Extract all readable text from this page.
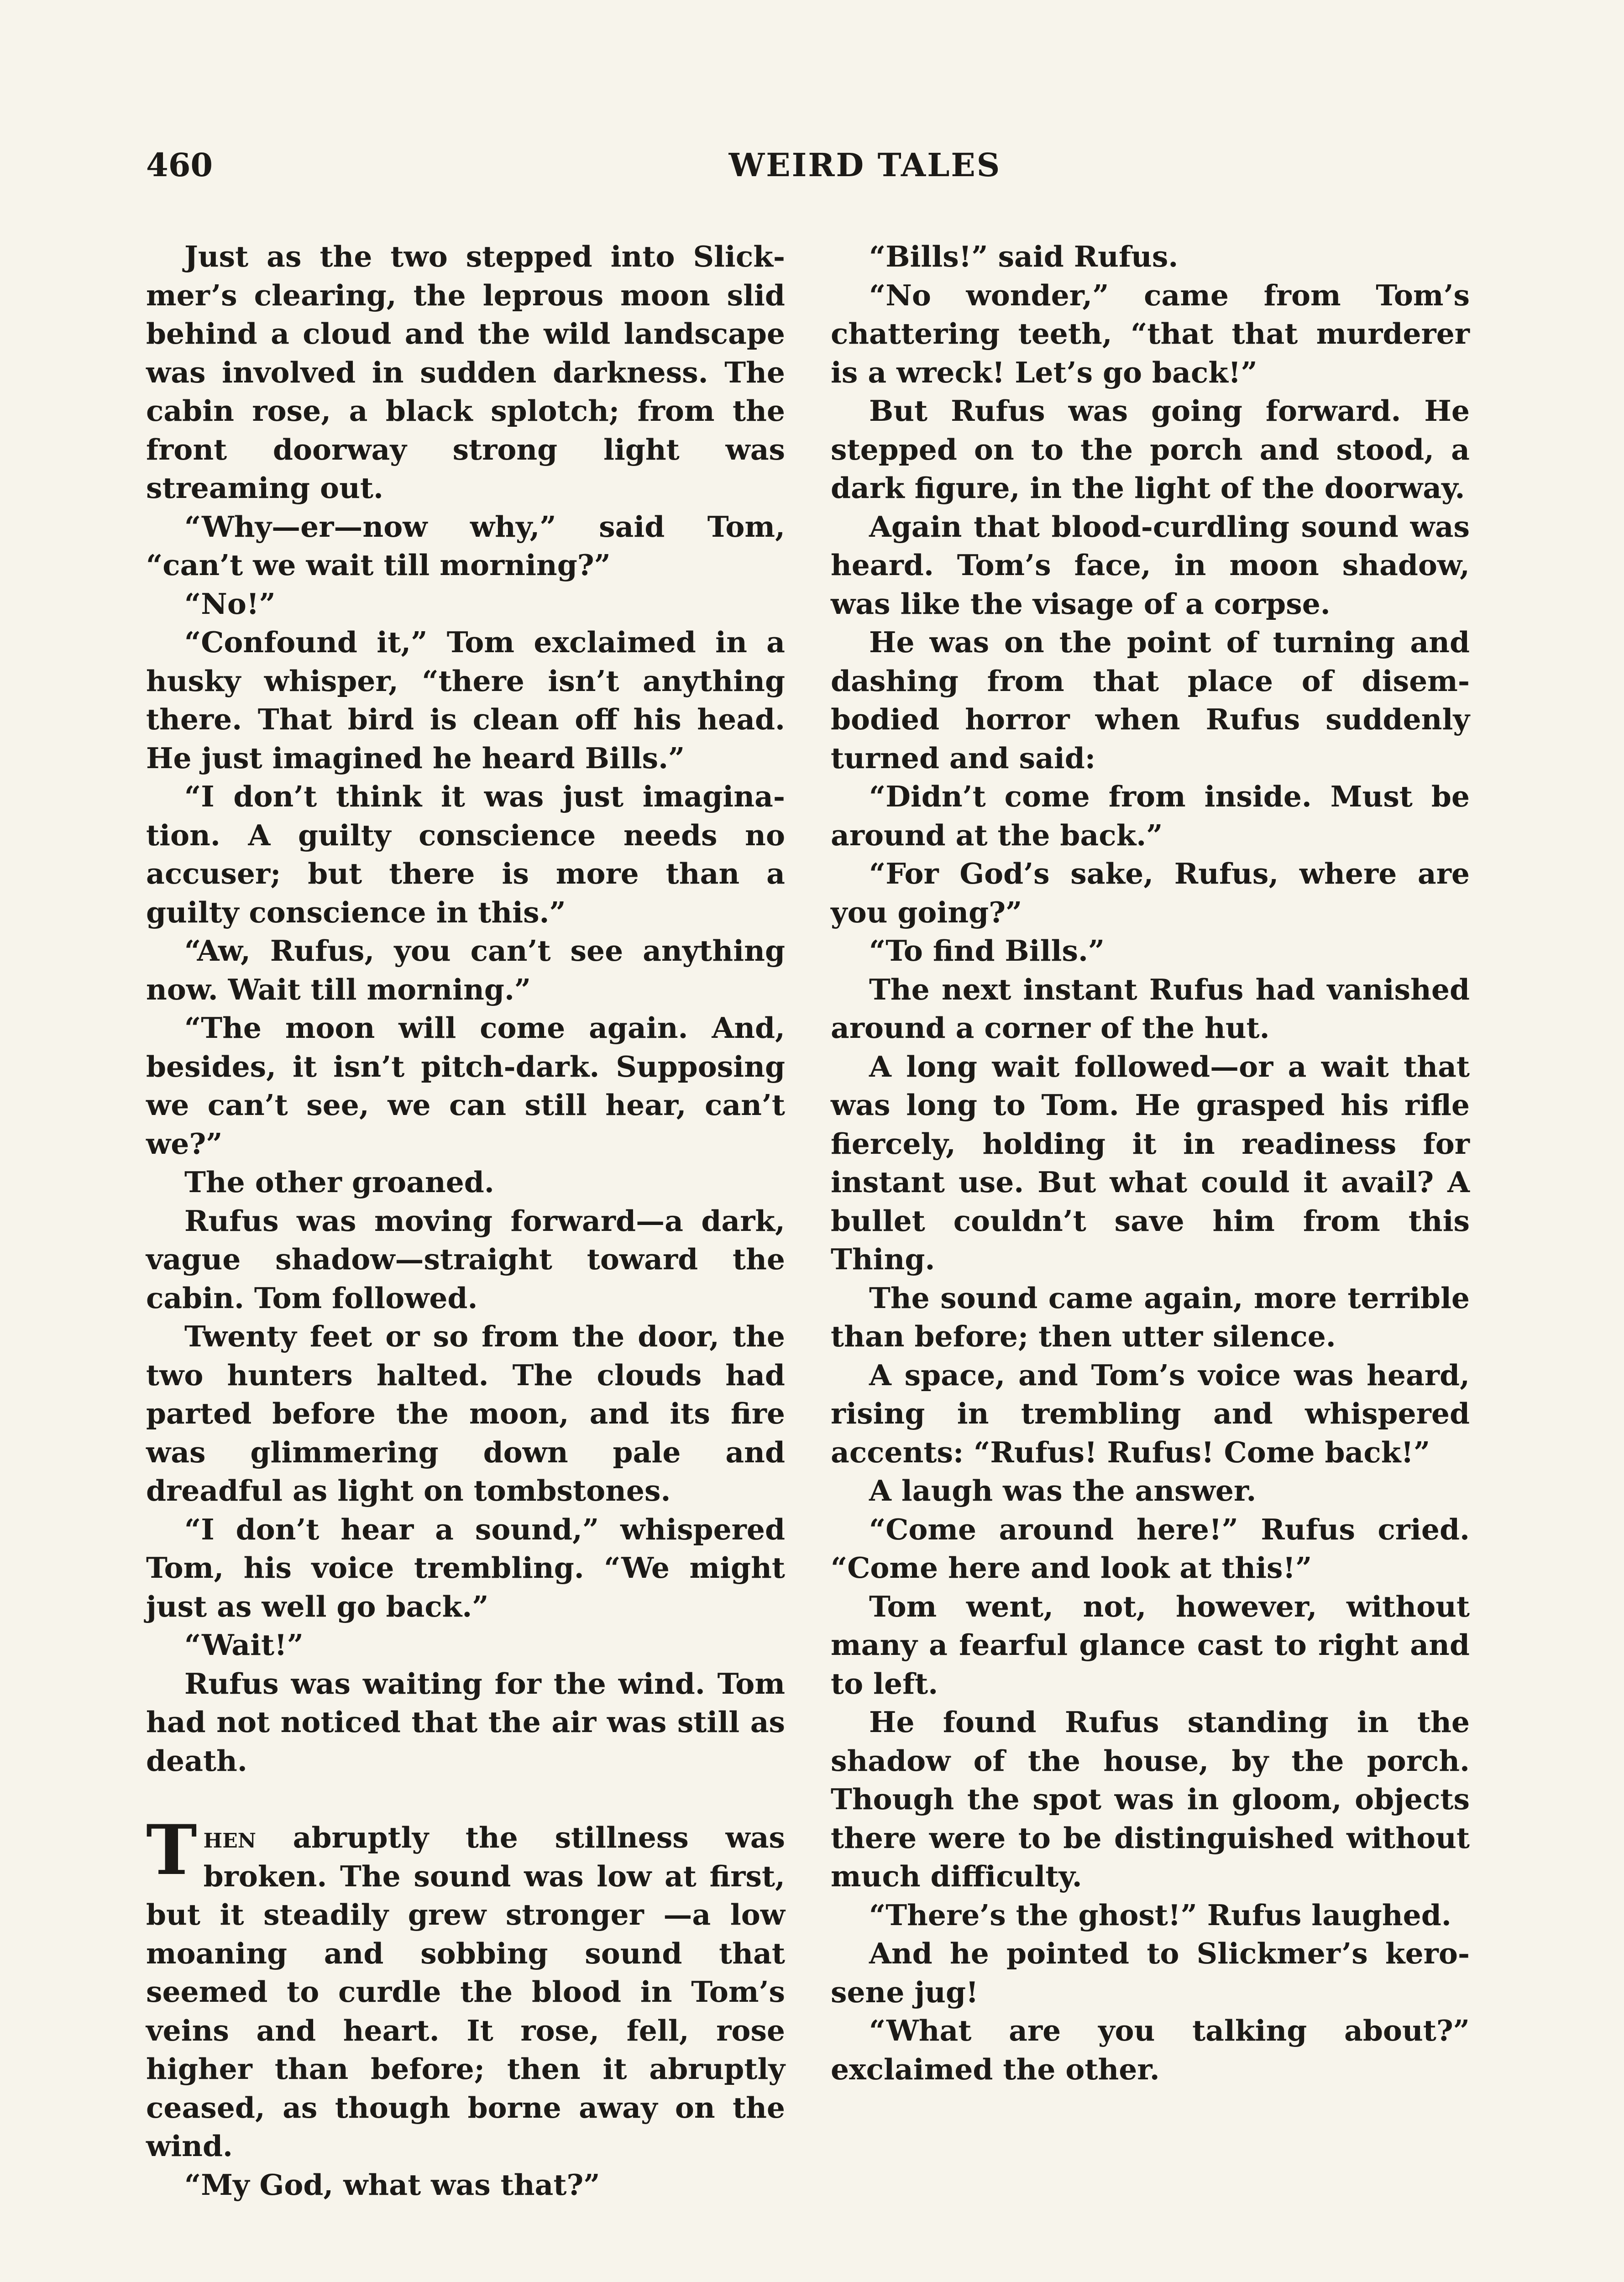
460	WEIRD TALES

Just as the two stepped into Slickmer’s clearing, the leprous moon slid behind a cloud and the wild landscape was involved in sudden darkness. The cabin rose, a black splotch; from the front doorway strong light was streaming out.

“Why—er—now why,” said Tom, “can’t we wait till morning?”

“No!”

“Confound it,” Tom exclaimed in a husky whisper, “there isn’t anything there. That bird is clean off his head. He just imagined he heard Bills.”

“I don’t think it was just imagination. A guilty conscience needs no accuser; but there is more than a guilty conscience in this.”

“Aw, Rufus, you can’t see anything now. Wait till morning.”

“The moon will come again. And, besides, it isn’t pitch-dark. Supposing we can’t see, we can still hear, can’t we?”

The other groaned.

Rufus was moving forward—a dark, vague shadow—straight toward the cabin. Tom followed.

Twenty feet or so from the door, the two hunters halted. The clouds had parted before the moon, and its fire was glimmering down pale and dreadful as light on tombstones.

“I don’t hear a sound,” whispered Tom, his voice trembling. “We might just as well go back.”

“Wait!”

Rufus was waiting for the wind. Tom had not noticed that the air was still as death.

Then abruptly the stillness was broken. The sound was low at first, but it steadily grew stronger —a low moaning and sobbing sound that seemed to curdle the blood in Tom’s veins and heart. It rose, fell, rose higher than before; then it abruptly ceased, as though borne away on the wind.

“My God, what was that?”

“Bills!” said Rufus.

“No wonder,” came from Tom’s chattering teeth, “that that murderer is a wreck! Let’s go back!”

But Rufus was going forward. He stepped on to the porch and stood, a dark figure, in the light of the doorway.

Again that blood-curdling sound was heard. Tom’s face, in moon shadow, was like the visage of a corpse.

He was on the point of turning and dashing from that place of disembodied horror when Rufus suddenly turned and said:

“Didn’t come from inside. Must be around at the back.”

“For God’s sake, Rufus, where are you going?”

“To find Bills.”

The next instant Rufus had vanished around a corner of the hut.

A long wait followed—or a wait that was long to Tom. He grasped his rifle fiercely, holding it in readiness for instant use. But what could it avail? A bullet couldn’t save him from this Thing.

The sound came again, more terrible than before; then utter silence.

A space, and Tom’s voice was heard, rising in trembling and whispered accents: “Rufus! Rufus! Come back!”

A laugh was the answer.

“Come around here!” Rufus cried. “Come here and look at this!”

Tom went, not, however, without many a fearful glance cast to right and to left.

He found Rufus standing in the shadow of the house, by the porch. Though the spot was in gloom, objects there were to be distinguished without much difficulty.

“There’s the ghost!” Rufus laughed.

And he pointed to Slickmer’s kerosene jug!

“What are you talking about?” exclaimed the other.
